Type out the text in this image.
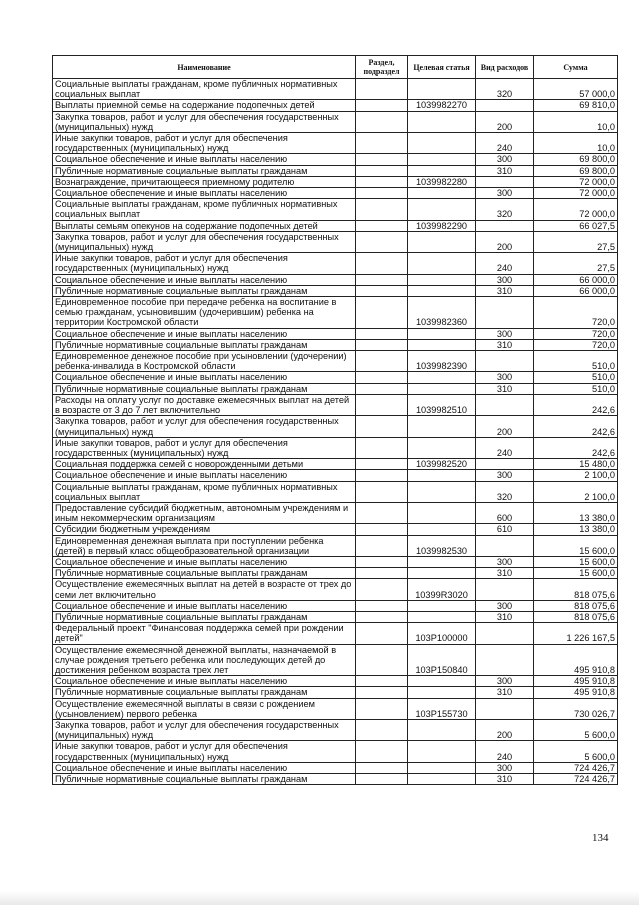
Наименование	Раздел, подраздел	Целевая статья	Вид расходов	Сумма
Социальные выплаты гражданам, кроме публичных нормативных социальных выплат			320	57 000,0
Выплаты приемной семье на содержание подопечных детей		1039982270		69 810,0
Закупка товаров, работ и услуг для обеспечения государственных (муниципальных) нужд			200	10,0
Иные закупки товаров, работ и услуг для обеспечения государственных (муниципальных) нужд			240	10,0
Социальное обеспечение и иные выплаты населению			300	69 800,0
Публичные нормативные социальные выплаты гражданам			310	69 800,0
Вознаграждение, причитающееся приемному родителю		1039982280		72 000,0
Социальное обеспечение и иные выплаты населению			300	72 000,0
Социальные выплаты гражданам, кроме публичных нормативных социальных выплат			320	72 000,0
Выплаты семьям опекунов на содержание подопечных детей		1039982290		66 027,5
Закупка товаров, работ и услуг для обеспечения государственных (муниципальных) нужд			200	27,5
Иные закупки товаров, работ и услуг для обеспечения государственных (муниципальных) нужд			240	27,5
Социальное обеспечение и иные выплаты населению			300	66 000,0
Публичные нормативные социальные выплаты гражданам			310	66 000,0
Единовременное пособие при передаче ребенка на воспитание в семью гражданам, усыновившим (удочерившим) ребенка на территории Костромской области		1039982360		720,0
Социальное обеспечение и иные выплаты населению			300	720,0
Публичные нормативные социальные выплаты гражданам			310	720,0
Единовременное денежное пособие при усыновлении (удочерении) ребенка-инвалида в Костромской области		1039982390		510,0
Социальное обеспечение и иные выплаты населению			300	510,0
Публичные нормативные социальные выплаты гражданам			310	510,0
Расходы на оплату услуг по доставке ежемесячных выплат на детей в возрасте от 3 до 7 лет включительно		1039982510		242,6
Закупка товаров, работ и услуг для обеспечения государственных (муниципальных) нужд			200	242,6
Иные закупки товаров, работ и услуг для обеспечения государственных (муниципальных) нужд			240	242,6
Социальная поддержка семей с новорожденными детьми		1039982520		15 480,0
Социальное обеспечение и иные выплаты населению			300	2 100,0
Социальные выплаты гражданам, кроме публичных нормативных социальных выплат			320	2 100,0
Предоставление субсидий бюджетным, автономным учреждениям и иным некоммерческим организациям			600	13 380,0
Субсидии бюджетным учреждениям			610	13 380,0
Единовременная денежная выплата при поступлении ребенка (детей) в первый класс общеобразовательной организации		1039982530		15 600,0
Социальное обеспечение и иные выплаты населению			300	15 600,0
Публичные нормативные социальные выплаты гражданам			310	15 600,0
Осуществление ежемесячных выплат на детей в возрасте от трех до семи лет включительно		10399R3020		818 075,6
Социальное обеспечение и иные выплаты населению			300	818 075,6
Публичные нормативные социальные выплаты гражданам			310	818 075,6
Федеральный проект "Финансовая поддержка семей при рождении детей"		103P100000		1 226 167,5
Осуществление ежемесячной денежной выплаты, назначаемой в случае рождения третьего ребенка или последующих детей до достижения ребенком возраста трех лет		103P150840		495 910,8
Социальное обеспечение и иные выплаты населению			300	495 910,8
Публичные нормативные социальные выплаты гражданам			310	495 910,8
Осуществление ежемесячной выплаты в связи с рождением (усыновлением) первого ребенка		103P155730		730 026,7
Закупка товаров, работ и услуг для обеспечения государственных (муниципальных) нужд			200	5 600,0
Иные закупки товаров, работ и услуг для обеспечения государственных (муниципальных) нужд			240	5 600,0
Социальное обеспечение и иные выплаты населению			300	724 426,7
Публичные нормативные социальные выплаты гражданам			310	724 426,7
134
